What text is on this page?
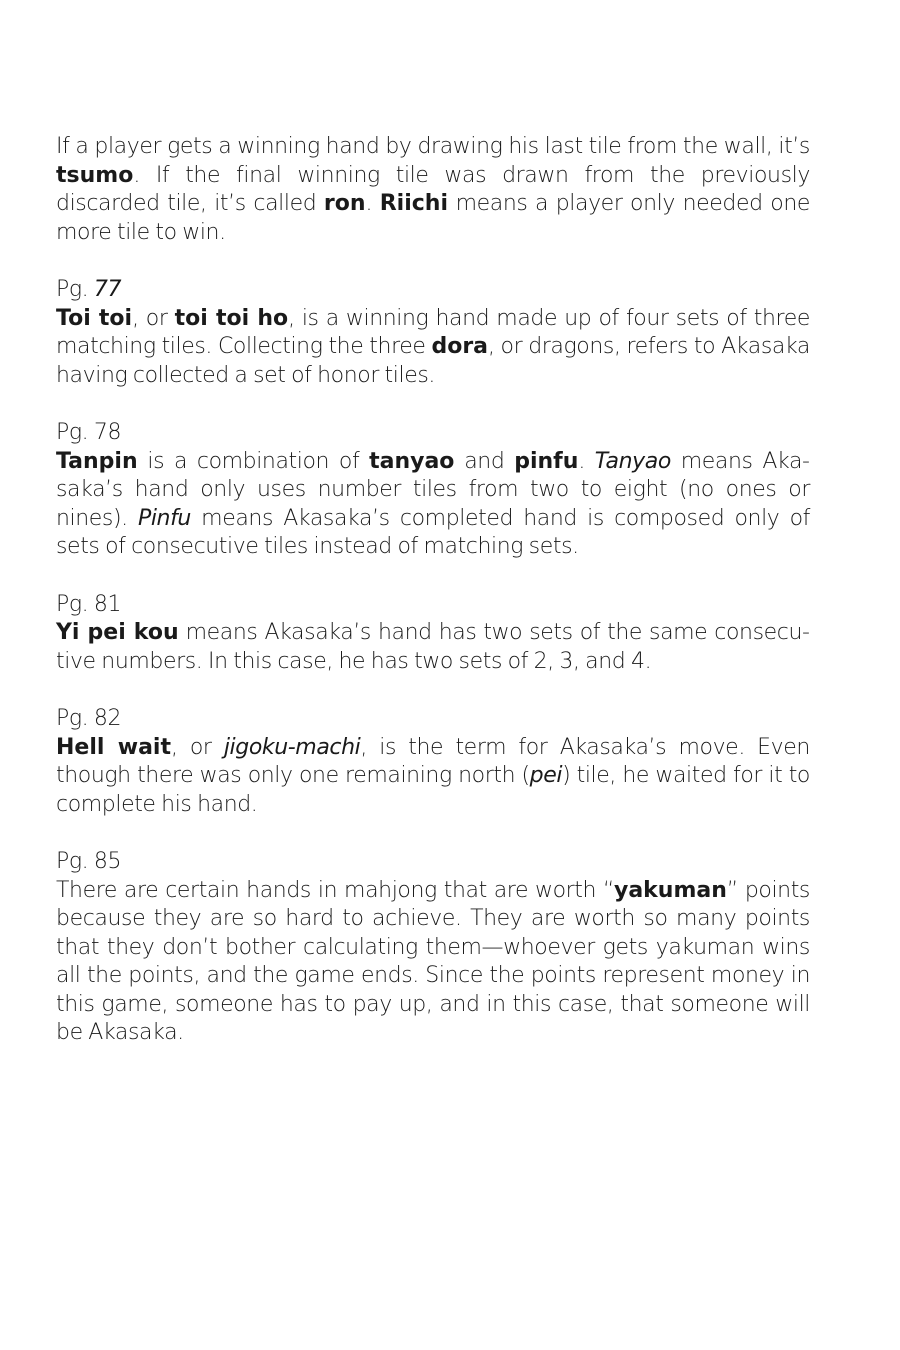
If a player gets a winning hand by drawing his last tile from the wall, it’s tsumo. If the final winning tile was drawn from the previously discarded tile, it’s called ron. Riichi means a player only needed one more tile to win.

Pg. 77

Toi toi, or toi toi ho, is a winning hand made up of four sets of three matching tiles. Collecting the three dora, or dragons, refers to Akasaka having collected a set of honor tiles.

Pg. 78

Tanpin is a combination of tanyao and pinfu. Tanyao means Akasaka’s hand only uses number tiles from two to eight (no ones or nines). Pinfu means Akasaka’s completed hand is composed only of sets of consecutive tiles instead of matching sets.

Pg. 81

Yi pei kou means Akasaka’s hand has two sets of the same consecutive numbers. In this case, he has two sets of 2, 3, and 4.

Pg. 82

Hell wait, or jigoku-machi, is the term for Akasaka’s move. Even though there was only one remaining north (pei) tile, he waited for it to complete his hand.

Pg. 85

There are certain hands in mahjong that are worth “yakuman” points because they are so hard to achieve. They are worth so many points that they don’t bother calculating them—whoever gets yakuman wins all the points, and the game ends. Since the points represent money in this game, someone has to pay up, and in this case, that someone will be Akasaka.
